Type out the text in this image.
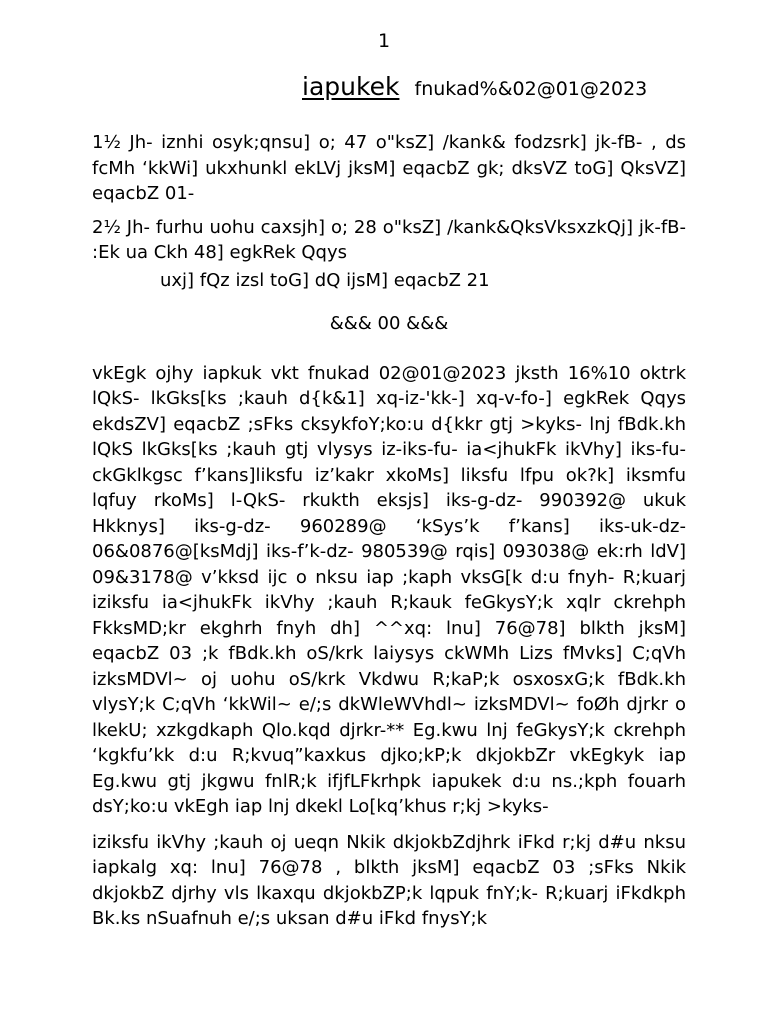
1
iapukek fnukad%&02@01@2023

1½ Jh- iznhi osyk;qnsu] o; 47 o"ksZ] /kank& fodzsrk] jk-fB- , ds fcMh ‘kkWi] ukxhunkl ekLVj jksM] eqacbZ gk; dksVZ toG] QksVZ] eqacbZ 01-

2½ Jh- furhu uohu caxsjh] o; 28 o"ksZ] /kank&QksVksxzkQj] jk-fB- :Ek ua Ckh 48] egkRek Qqys

uxj] fQz izsl toG] dQ ijsM] eqacbZ 21

&&& 00 &&&

vkEgk ojhy iapkuk vkt fnukad 02@01@2023 jksth 16%10 oktrk lQkS- lkGks[ks ;kauh d{k&1] xq-iz-'kk-] xq-v-fo-] egkRek Qqys ekdsZV] eqacbZ ;sFks cksykfoY;ko:u d{kkr gtj >kyks- lnj fBdk.kh lQkS lkGks[ks ;kauh gtj vlysys iz-iks-fu- ia<jhukFk ikVhy] iks-fu- ckGklkgsc f’kans]liksfu iz’kakr xkoMs] liksfu lfpu ok?k] iksmfu lqfuy rkoMs] l-QkS- rkukth eksjs] iks-g-dz- 990392@ ukuk Hkknys] iks-g-dz- 960289@ ‘kSys’k f’kans] iks-uk-dz- 06&0876@[ksMdj] iks-f’k-dz- 980539@ rqis] 093038@ ek:rh ldV] 09&3178@ v’kksd ijc o nksu iap ;kaph vksG[k d:u fnyh- R;kuarj iziksfu ia<jhukFk ikVhy ;kauh R;kauk feGkysY;k xqlr ckrehph FkksMD;kr ekghrh fnyh dh] ^^xq: lnu] 76@78] blkth jksM] eqacbZ 03 ;k fBdk.kh oS/krk laiysys ckWMh Lizs fMvks] C;qVh izksMDVl~ oj uohu oS/krk Vkdwu R;kaP;k osxosxG;k fBdk.kh vlysY;k C;qVh ‘kkWil~ e/;s dkWleWVhdl~ izksMDVl~ foØh djrkr o lkekU; xzkgdkaph Qlo.kqd djrkr-** Eg.kwu lnj feGkysY;k ckrehph ‘kgkfu’kk d:u R;kvuq”kaxkus djko;kP;k dkjokbZr vkEgkyk iap Eg.kwu gtj jkgwu fnlR;k ifjfLFkrhpk iapukek d:u ns.;kph fouarh dsY;ko:u vkEgh iap lnj dkekl Lo[kq’khus r;kj >kyks-

iziksfu ikVhy ;kauh oj ueqn Nkik dkjokbZdjhrk iFkd r;kj d#u nksu iapkalg xq: lnu] 76@78 , blkth jksM] eqacbZ 03 ;sFks Nkik dkjokbZ djrhy vls lkaxqu dkjokbZP;k lqpuk fnY;k- R;kuarj iFkdkph Bk.ks nSuafnuh e/;s uksan d#u iFkd fnysY;k
